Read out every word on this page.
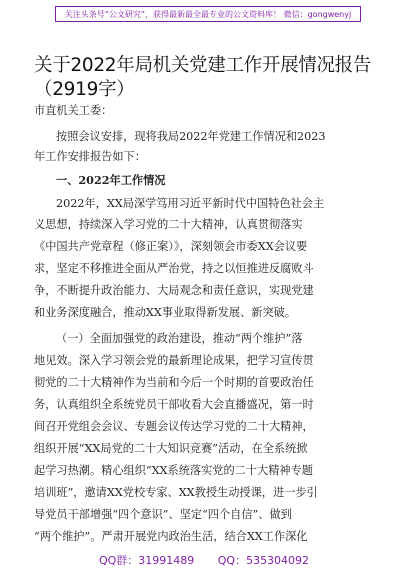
关注头条号“公文研究”，获得最新最全最专业的公文资料库！ 微信：gongwenyj
关于2022年局机关党建工作开展情况报告
（2919字）
市直机关工委：
按照会议安排，现将我局2022年党建工作情况和2023
年工作安排报告如下：
一、2022年工作情况
2022年，XX局深学笃用习近平新时代中国特色社会主
义思想，持续深入学习党的二十大精神，认真贯彻落实
《中国共产党章程（修正案）》，深刻领会市委XX会议要
求，坚定不移推进全面从严治党，持之以恒推进反腐败斗
争，不断提升政治能力、大局观念和责任意识，实现党建
和业务深度融合，推动XX事业取得新发展、新突破。
（一）全面加强党的政治建设，推动“两个维护”落
地见效。深入学习领会党的最新理论成果，把学习宣传贯
彻党的二十大精神作为当前和今后一个时期的首要政治任
务，认真组织全系统党员干部收看大会直播盛况，第一时
间召开党组会会议、专题会议传达学习党的二十大精神，
组织开展“XX局党的二十大知识竞赛”活动，在全系统掀
起学习热潮。精心组织“XX系统落实党的二十大精神专题
培训班”，邀请XX党校专家、XX教授生动授课，进一步引
导党员干部增强“四个意识”、坚定“四个自信”、做到
“两个维护”。严肃开展党内政治生活，结合XX工作深化
QQ群：31991489 QQ：535304092
